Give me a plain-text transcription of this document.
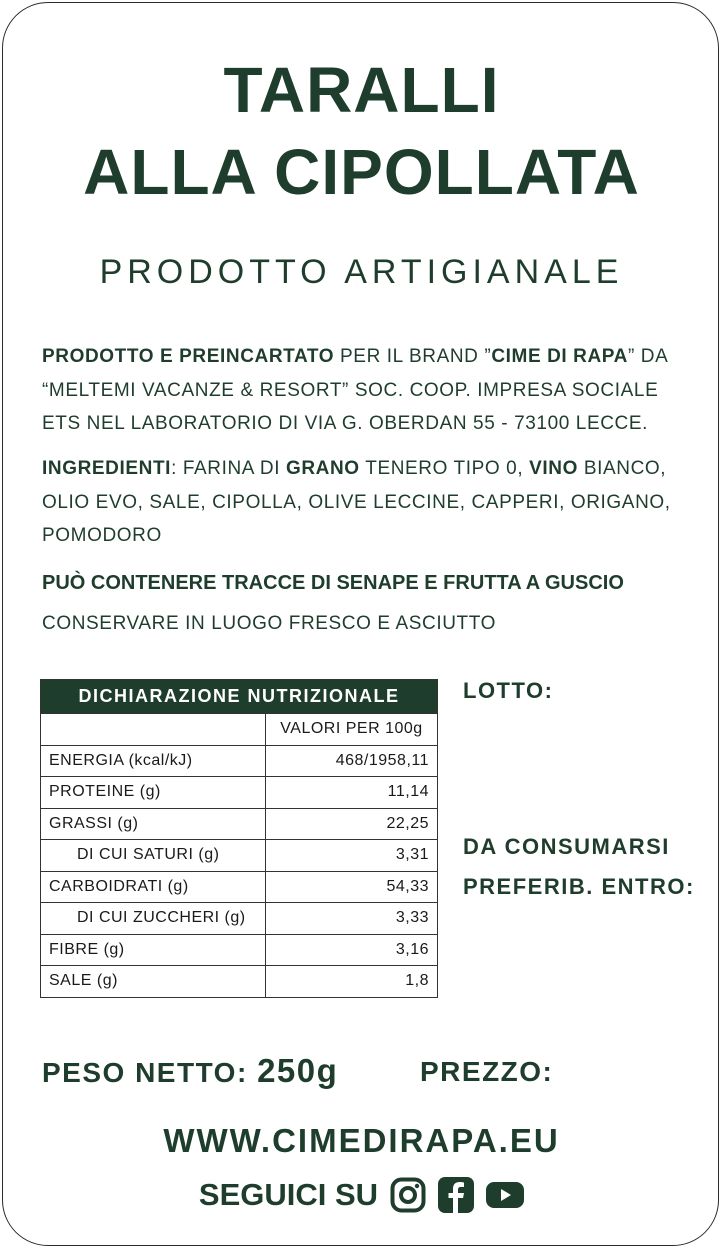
TARALLI
ALLA CIPOLLATA
PRODOTTO ARTIGIANALE
PRODOTTO E PREINCARTATO PER IL BRAND ”CIME DI RAPA” DA “MELTEMI VACANZE & RESORT” SOC. COOP. IMPRESA SOCIALE ETS NEL LABORATORIO DI VIA G. OBERDAN 55 - 73100 LECCE.
INGREDIENTI: FARINA DI GRANO TENERO TIPO 0, VINO BIANCO, OLIO EVO, SALE, CIPOLLA, OLIVE LECCINE, CAPPERI, ORIGANO, POMODORO
PUÒ CONTENERE TRACCE DI SENAPE E FRUTTA A GUSCIO
CONSERVARE IN LUOGO FRESCO E ASCIUTTO
DICHIARAZIONE NUTRIZIONALE	
	VALORI PER 100g
ENERGIA (kcal/kJ)	468/1958,11
PROTEINE (g)	11,14
GRASSI (g)	22,25
DI CUI SATURI (g)	3,31
CARBOIDRATI (g)	54,33
DI CUI ZUCCHERI (g)	3,33
FIBRE (g)	3,16
SALE (g)	1,8
LOTTO:
DA CONSUMARSI
PREFERIB. ENTRO:
PESO NETTO: 250g	PREZZO:
WWW.CIMEDIRAPA.EU
SEGUICI SU
